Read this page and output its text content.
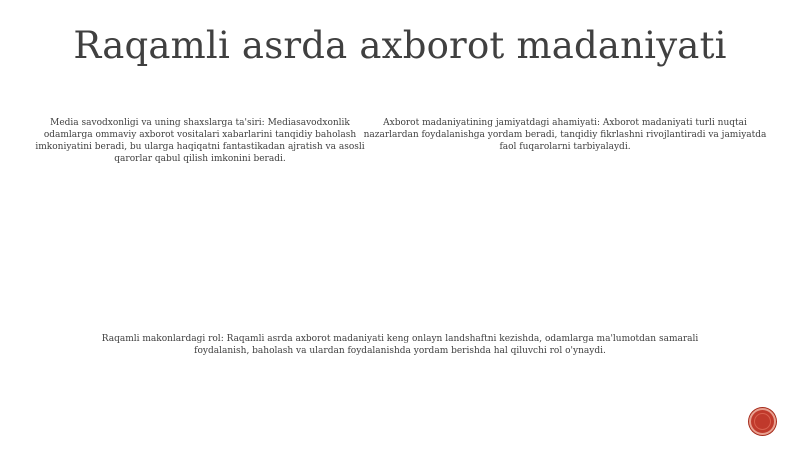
Raqamli asrda axborot madaniyati

Media savodxonligi va uning shaxslarga ta'siri: Mediasavodxonlik odamlarga ommaviy axborot vositalari xabarlarini tanqidiy baholash imkoniyatini beradi, bu ularga haqiqatni fantastikadan ajratish va asosli qarorlar qabul qilish imkonini beradi.

Axborot madaniyatining jamiyatdagi ahamiyati: Axborot madaniyati turli nuqtai nazarlardan foydalanishga yordam beradi, tanqidiy fikrlashni rivojlantiradi va jamiyatda faol fuqarolarni tarbiyalaydi.

Raqamli makonlardagi rol: Raqamli asrda axborot madaniyati keng onlayn landshaftni kezishda, odamlarga ma'lumotdan samarali foydalanish, baholash va ulardan foydalanishda yordam berishda hal qiluvchi rol o'ynaydi.
